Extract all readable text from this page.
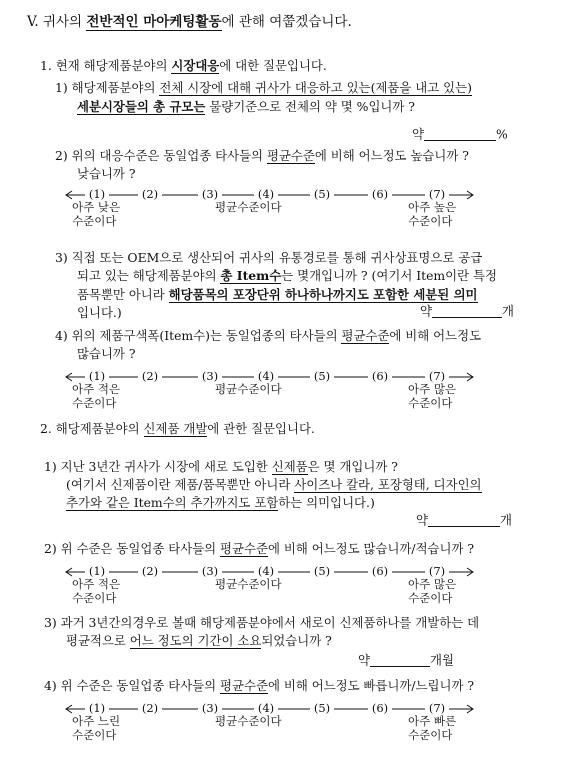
V. 귀사의 전반적인 마아케팅활동에 관해 여쭙겠습니다.
1. 현재 해당제품분야의 시장대응에 대한 질문입니다.
1) 해당제품분야의 전체 시장에 대해 귀사가 대응하고 있는(제품을 내고 있는)
세분시장들의 총 규모는 물량기준으로 전체의 약 몇 %입니까 ?
약	%
2) 위의 대응수준은 동일업종 타사들의 평균수준에 비해 어느정도 높습니까 ?
낮습니까 ?
3) 직접 또는 OEM으로 생산되어 귀사의 유통경로를 통해 귀사상표명으로 공급
되고 있는 해당제품분야의 총 Item수는 몇개입니까 ? (여기서 Item이란 특정
품목뿐만 아니라 해당품목의 포장단위 하나하나까지도 포함한 세분된 의미
입니다.)	약	개
4) 위의 제품구색폭(Item수)는 동일업종의 타사들의 평균수준에 비해 어느정도
많습니까 ?
2. 해당제품분야의 신제품 개발에 관한 질문입니다.
1) 지난 3년간 귀사가 시장에 새로 도입한 신제품은 몇 개입니까 ?
(여기서 신제품이란 제품/품목뿐만 아니라 사이즈나 칼라, 포장형태, 디자인의
추가와 같은 Item수의 추가까지도 포함하는 의미입니다.)
약	개
2) 위 수준은 동일업종 타사들의 평균수준에 비해 어느정도 많습니까/적습니까 ?
3) 과거 3년간의경우로 볼때 해당제품분야에서 새로이 신제품하나를 개발하는 데
평균적으로 어느 정도의 기간이 소요되었습니까 ?
약	개월
4) 위 수준은 동일업종 타사들의 평균수준에 비해 어느정도 빠릅니까/느립니까 ?
(1)	(2)	(3)	(4)	(5)	(6)	(7)
아주 낮은
수준이다
평균수준이다	아주 높은
수준이다
(1)	(2)	(3)	(4)	(5)	(6)	(7)
아주 적은
수준이다
평균수준이다	아주 많은
수준이다
(1)	(2)	(3)	(4)	(5)	(6)	(7)
아주 적은
수준이다
평균수준이다	아주 많은
수준이다
(1)	(2)	(3)	(4)	(5)	(6)	(7)
아주 느린
수준이다
평균수준이다	아주 빠른
수준이다
